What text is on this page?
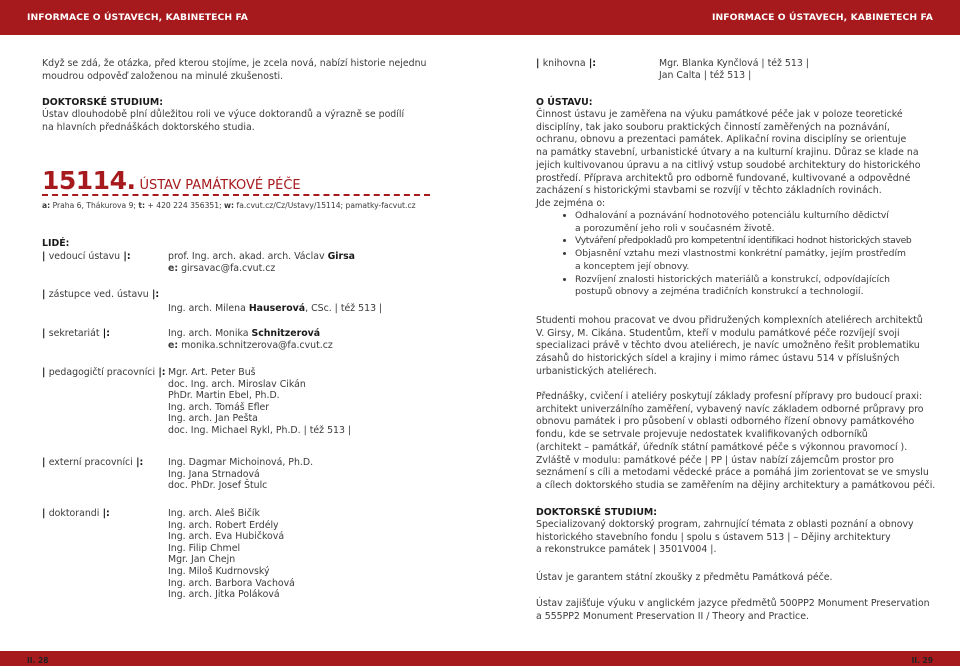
INFORMACE O ÚSTAVECH, KABINETECH FA	INFORMACE O ÚSTAVECH, KABINETECH FA
Když se zdá, že otázka, před kterou stojíme, je zcela nová, nabízí historie nejednu
moudrou odpověď založenou na minulé zkušenosti.
DOKTORSKÉ STUDIUM:
Ústav dlouhodobě plní důležitou roli ve výuce doktorandů a výrazně se podílí
na hlavních přednáškách doktorského studia.
15114. ÚSTAV PAMÁTKOVÉ PÉČE
a: Praha 6, Thákurova 9; t: + 420 224 356351; w: fa.cvut.cz/Cz/Ustavy/15114; pamatky-facvut.cz
LIDÉ:
| vedoucí ústavu |:	prof. Ing. arch. akad. arch. Václav Girsa
e: girsavac@fa.cvut.cz
| zástupce ved. ústavu |:
Ing. arch. Milena Hauserová, CSc. | též 513 |
| sekretariát |:	Ing. arch. Monika Schnitzerová
e: monika.schnitzerova@fa.cvut.cz
| pedagogičtí pracovníci |: Mgr. Art. Peter Buš
doc. Ing. arch. Miroslav Cikán
PhDr. Martin Ebel, Ph.D.
Ing. arch. Tomáš Efler
Ing. arch. Jan Pešta
doc. Ing. Michael Rykl, Ph.D. | též 513 |
| externí pracovníci |:	Ing. Dagmar Michoinová, Ph.D.
Ing. Jana Strnadová
doc. PhDr. Josef Štulc
| doktorandi |:	Ing. arch. Aleš Bičík
Ing. arch. Robert Erdély
Ing. arch. Eva Hubičková
Ing. Filip Chmel
Mgr. Jan Chejn
Ing. Miloš Kudrnovský
Ing. arch. Barbora Vachová
Ing. arch. Jitka Poláková
| knihovna |:	Mgr. Blanka Kynčlová | též 513 |
Jan Calta | též 513 |
O ÚSTAVU:
Činnost ústavu je zaměřena na výuku památkové péče jak v poloze teoretické
disciplíny, tak jako souboru praktických činností zaměřených na poznávání,
ochranu, obnovu a prezentaci památek. Aplikační rovina disciplíny se orientuje
na památky stavební, urbanistické útvary a na kulturní krajinu. Důraz se klade na
jejich kultivovanou úpravu a na citlivý vstup soudobé architektury do historického
prostředí. Příprava architektů pro odborně fundované, kultivované a odpovědné
zacházení s historickými stavbami se rozvíjí v těchto základních rovinách.
Jde zejména o:
• Odhalování a poznávání hodnotového potenciálu kulturního dědictví
a porozumění jeho roli v současném životě.
• Vytváření předpokladů pro kompetentní identifikaci hodnot historických staveb
• Objasnění vztahu mezi vlastnostmi konkrétní památky, jejím prostředím
a konceptem její obnovy.
• Rozvíjení znalosti historických materiálů a konstrukcí, odpovídajících
postupů obnovy a zejména tradičních konstrukcí a technologií.
Studenti mohou pracovat ve dvou přidružených komplexních ateliérech architektů
V. Girsy, M. Cikána. Studentům, kteří v modulu památkové péče rozvíjejí svoji
specializaci právě v těchto dvou ateliérech, je navíc umožněno řešit problematiku
zásahů do historických sídel a krajiny i mimo rámec ústavu 514 v příslušných
urbanistických ateliérech.
Přednášky, cvičení i ateliéry poskytují základy profesní přípravy pro budoucí praxi:
architekt univerzálního zaměření, vybavený navíc základem odborné průpravy pro
obnovu památek i pro působení v oblasti odborného řízení obnovy památkového
fondu, kde se setrvale projevuje nedostatek kvalifikovaných odborníků
(architekt – památkář, úředník státní památkové péče s výkonnou pravomocí ).
Zvláště v modulu: památkové péče | PP | ústav nabízí zájemcům prostor pro
seznámení s cíli a metodami vědecké práce a pomáhá jim zorientovat se ve smyslu
a cílech doktorského studia se zaměřením na dějiny architektury a památkovou péči.
DOKTORSKÉ STUDIUM:
Specializovaný doktorský program, zahrnující témata z oblasti poznání a obnovy
historického stavebního fondu | spolu s ústavem 513 | – Dějiny architektury
a rekonstrukce památek | 3501V004 |.
Ústav je garantem státní zkoušky z předmětu Památková péče.
Ústav zajišťuje výuku v anglickém jazyce předmětů 500PP2 Monument Preservation
a 555PP2 Monument Preservation II / Theory and Practice.
II. 28	II. 29
